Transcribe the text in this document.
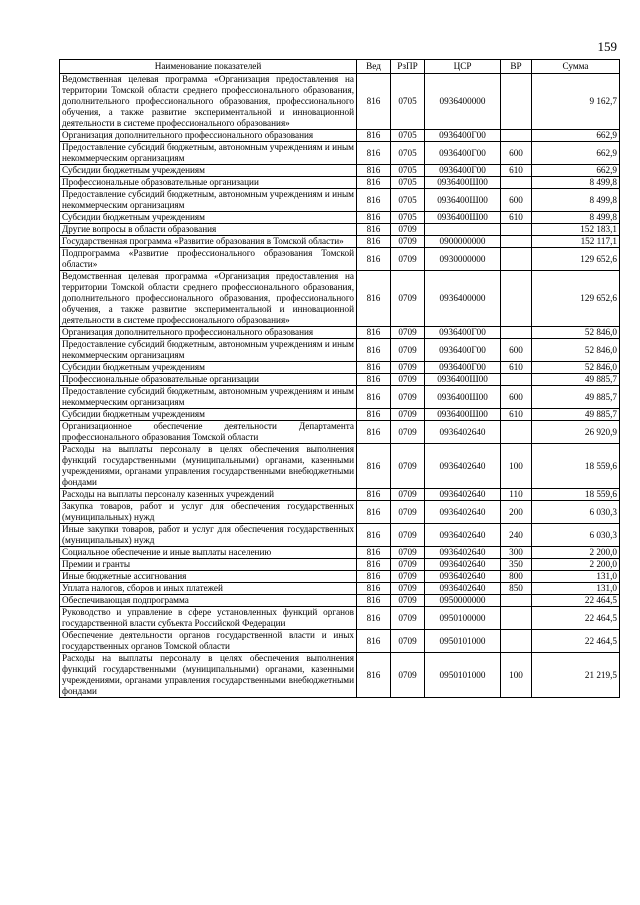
159
Наименование показателей	Вед	РзПР	ЦСР	ВР	Сумма
Ведомственная целевая программа «Организация предоставления на территории Томской области среднего профессионального образования, дополнительного профессионального образования, профессионального обучения, а также развитие экспериментальной и инновационной деятельности в системе профессионального образования»	816	0705	0936400000		9 162,7
Организация дополнительного профессионального образования	816	0705	0936400Г00		662,9
Предоставление субсидий бюджетным, автономным учреждениям и иным некоммерческим организациям	816	0705	0936400Г00	600	662,9
Субсидии бюджетным учреждениям	816	0705	0936400Г00	610	662,9
Профессиональные образовательные организации	816	0705	0936400Ш00		8 499,8
Предоставление субсидий бюджетным, автономным учреждениям и иным некоммерческим организациям	816	0705	0936400Ш00	600	8 499,8
Субсидии бюджетным учреждениям	816	0705	0936400Ш00	610	8 499,8
Другие вопросы в области образования	816	0709			152 183,1
Государственная программа «Развитие образования в Томской области»	816	0709	0900000000		152 117,1
Подпрограмма «Развитие профессионального образования Томской области»	816	0709	0930000000		129 652,6
Ведомственная целевая программа «Организация предоставления на территории Томской области среднего профессионального образования, дополнительного профессионального образования, профессионального обучения, а также развитие экспериментальной и инновационной деятельности в системе профессионального образования»	816	0709	0936400000		129 652,6
Организация дополнительного профессионального образования	816	0709	0936400Г00		52 846,0
Предоставление субсидий бюджетным, автономным учреждениям и иным некоммерческим организациям	816	0709	0936400Г00	600	52 846,0
Субсидии бюджетным учреждениям	816	0709	0936400Г00	610	52 846,0
Профессиональные образовательные организации	816	0709	0936400Ш00		49 885,7
Предоставление субсидий бюджетным, автономным учреждениям и иным некоммерческим организациям	816	0709	0936400Ш00	600	49 885,7
Субсидии бюджетным учреждениям	816	0709	0936400Ш00	610	49 885,7
Организационное обеспечение деятельности Департамента профессионального образования Томской области	816	0709	0936402640		26 920,9
Расходы на выплаты персоналу в целях обеспечения выполнения функций государственными (муниципальными) органами, казенными учреждениями, органами управления государственными внебюджетными фондами	816	0709	0936402640	100	18 559,6
Расходы на выплаты персоналу казенных учреждений	816	0709	0936402640	110	18 559,6
Закупка товаров, работ и услуг для обеспечения государственных (муниципальных) нужд	816	0709	0936402640	200	6 030,3
Иные закупки товаров, работ и услуг для обеспечения государственных (муниципальных) нужд	816	0709	0936402640	240	6 030,3
Социальное обеспечение и иные выплаты населению	816	0709	0936402640	300	2 200,0
Премии и гранты	816	0709	0936402640	350	2 200,0
Иные бюджетные ассигнования	816	0709	0936402640	800	131,0
Уплата налогов, сборов и иных платежей	816	0709	0936402640	850	131,0
Обеспечивающая подпрограмма	816	0709	0950000000		22 464,5
Руководство и управление в сфере установленных функций органов государственной власти субъекта Российской Федерации	816	0709	0950100000		22 464,5
Обеспечение деятельности органов государственной власти и иных государственных органов Томской области	816	0709	0950101000		22 464,5
Расходы на выплаты персоналу в целях обеспечения выполнения функций государственными (муниципальными) органами, казенными учреждениями, органами управления государственными внебюджетными фондами	816	0709	0950101000	100	21 219,5
